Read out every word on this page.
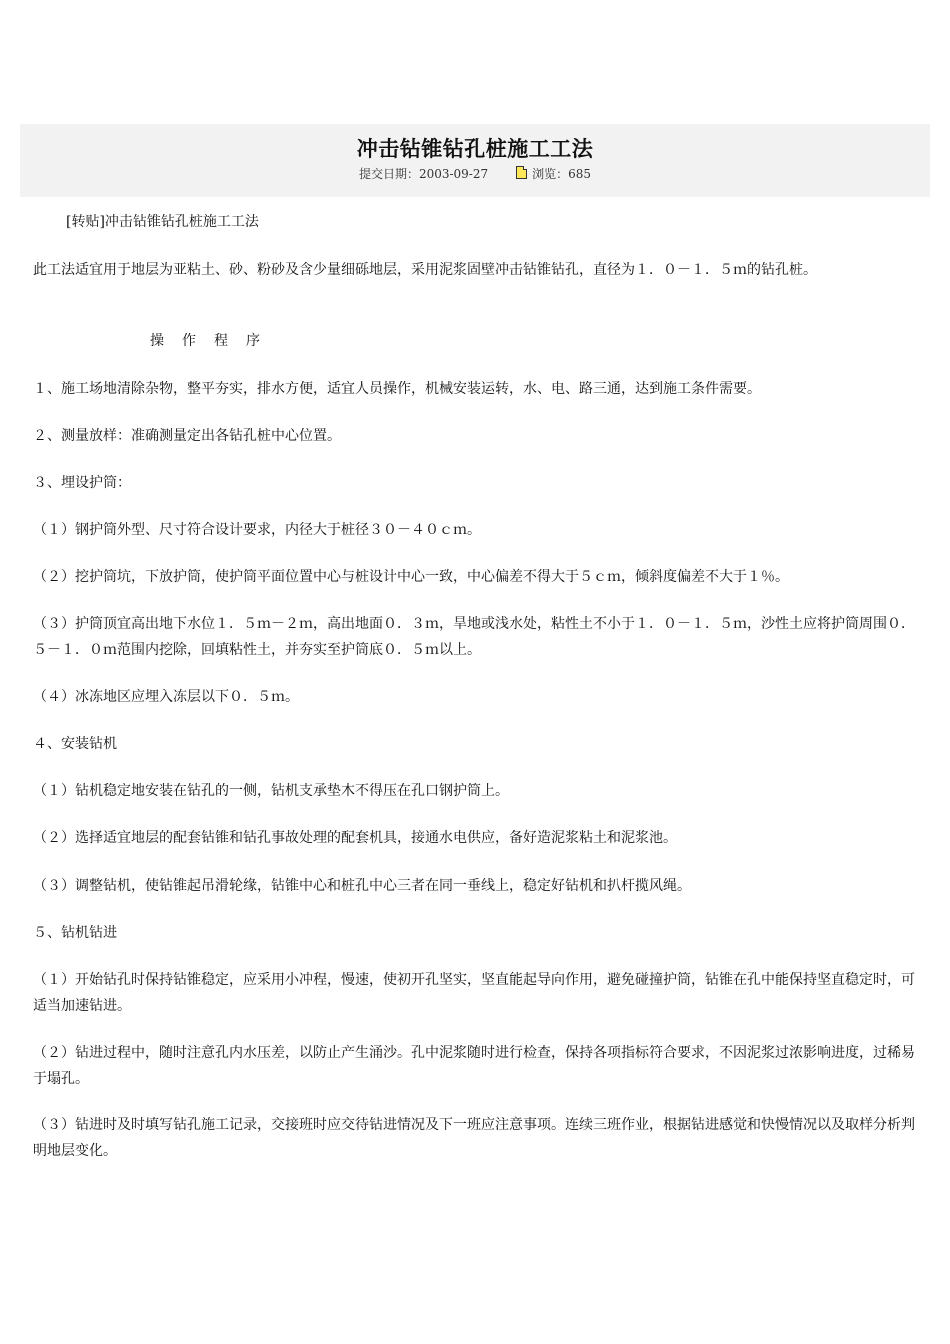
冲击钻锥钻孔桩施工工法
提交日期：2003-09-27	浏览：685

[转贴]冲击钻锥钻孔桩施工工法

此工法适宜用于地层为亚粘土、砂、粉砂及含少量细砾地层，采用泥浆固壁冲击钻锥钻孔，直径为１．０－１．５ｍ的钻孔桩。

操　作　程　序

１、施工场地清除杂物，整平夯实，排水方便，适宜人员操作，机械安装运转，水、电、路三通，达到施工条件需要。

２、测量放样：准确测量定出各钻孔桩中心位置。

３、埋设护筒：

（１）钢护筒外型、尺寸符合设计要求，内径大于桩径３０－４０ｃｍ。

（２）挖护筒坑，下放护筒，使护筒平面位置中心与桩设计中心一致，中心偏差不得大于５ｃｍ，倾斜度偏差不大于１％。

（３）护筒顶宜高出地下水位１．５ｍ－２ｍ，高出地面０．３ｍ，旱地或浅水处，粘性土不小于１．０－１．５ｍ，沙性土应将护筒周围０．５－１．０ｍ范围内挖除，回填粘性土，并夯实至护筒底０．５ｍ以上。

（４）冰冻地区应埋入冻层以下０．５ｍ。

４、安装钻机

（１）钻机稳定地安装在钻孔的一侧，钻机支承垫木不得压在孔口钢护筒上。

（２）选择适宜地层的配套钻锥和钻孔事故处理的配套机具，接通水电供应，备好造泥浆粘土和泥浆池。

（３）调整钻机，使钻锥起吊滑轮缘，钻锥中心和桩孔中心三者在同一垂线上，稳定好钻机和扒杆揽风绳。

５、钻机钻进

（１）开始钻孔时保持钻锥稳定，应采用小冲程，慢速，使初开孔坚实，坚直能起导向作用，避免碰撞护筒，钻锥在孔中能保持坚直稳定时，可适当加速钻进。

（２）钻进过程中，随时注意孔内水压差，以防止产生涌沙。孔中泥浆随时进行检查，保持各项指标符合要求，不因泥浆过浓影响进度，过稀易于塌孔。

（３）钻进时及时填写钻孔施工记录，交接班时应交待钻进情况及下一班应注意事项。连续三班作业，根据钻进感觉和快慢情况以及取样分析判明地层变化。
